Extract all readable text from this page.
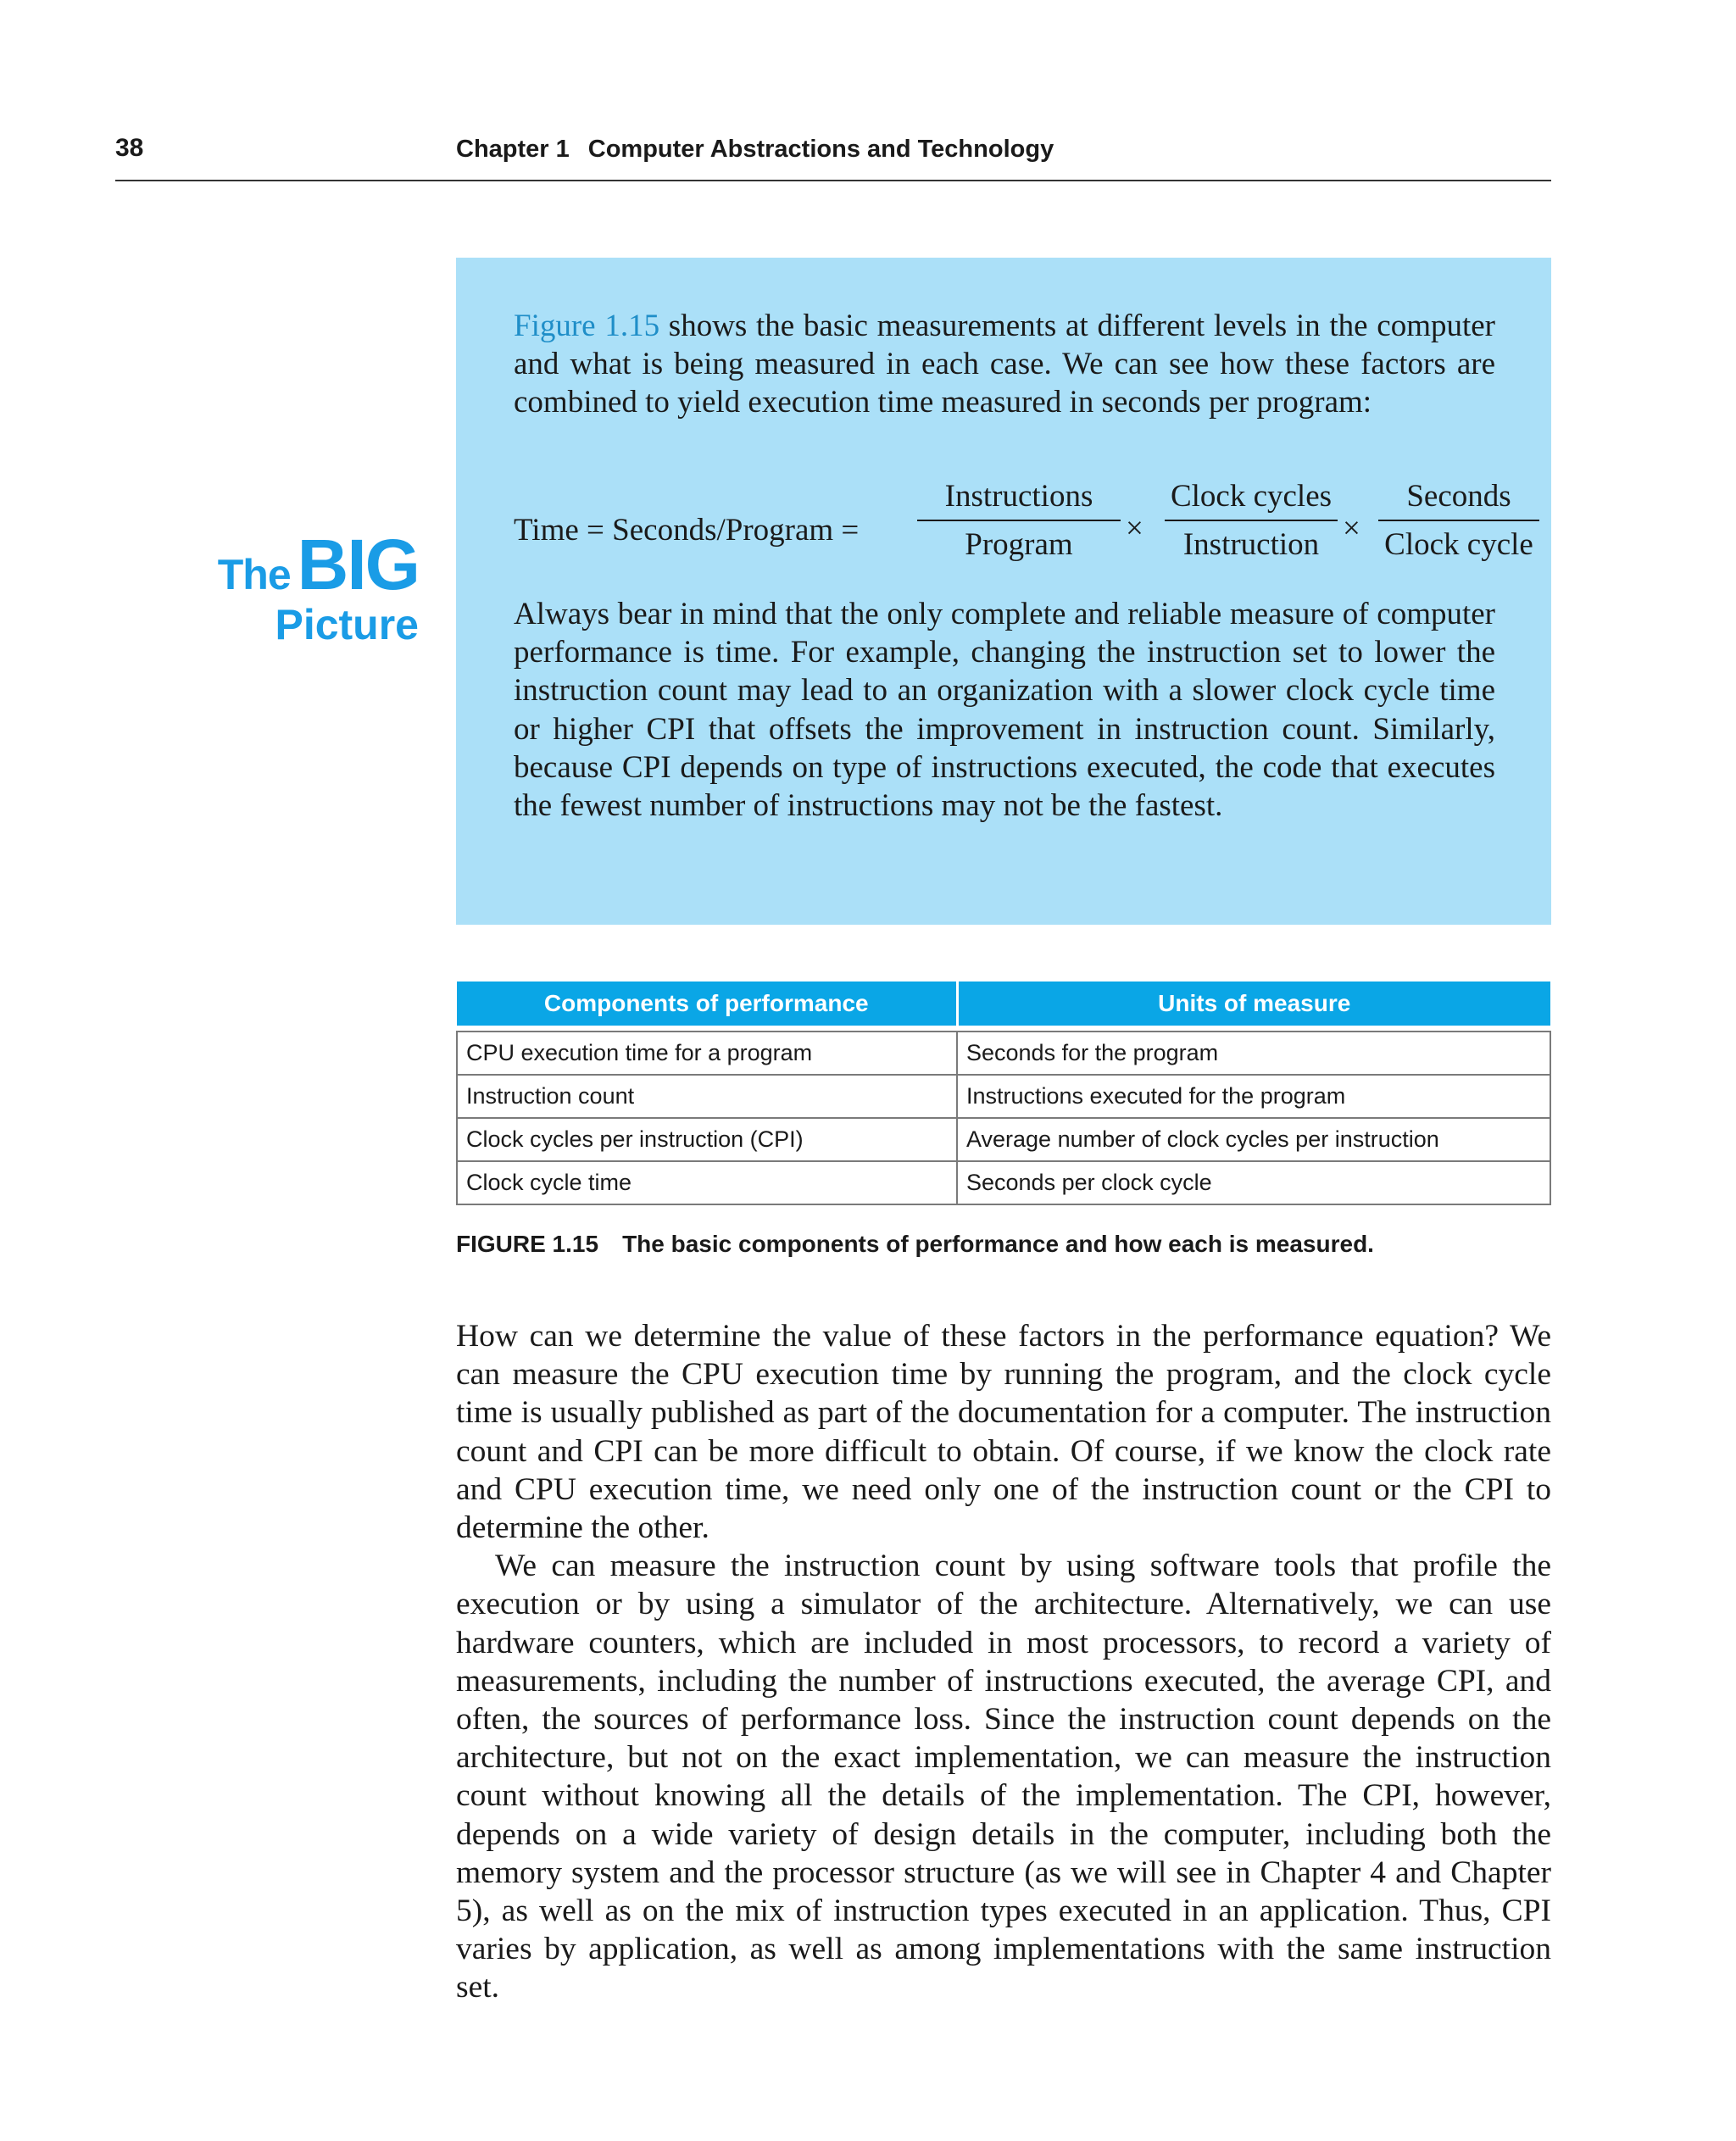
38	Chapter 1 Computer Abstractions and Technology
TheBIG
Picture
Figure 1.15 shows the basic measurements at different levels in the computer and what is being measured in each case. We can see how these factors are combined to yield execution time measured in seconds per program:
Time = Seconds/Program =
Instructions
Program	×
Clock cycles
Instruction ×
Seconds
Clock cycle
Always bear in mind that the only complete and reliable measure of computer performance is time. For example, changing the instruction set to lower the instruction count may lead to an organization with a slower clock cycle time or higher CPI that offsets the improvement in instruction count. Similarly, because CPI depends on type of instructions executed, the code that executes the fewest number of instructions may not be the fastest.
Components of performance	Units of measure

CPU execution time for a program	Seconds for the program
Instruction count	Instructions executed for the program
Clock cycles per instruction (CPI)	Average number of clock cycles per instruction
Clock cycle time	Seconds per clock cycle
FIGURE 1.15 The basic components of performance and how each is measured.

How can we determine the value of these factors in the performance equation? We can measure the CPU execution time by running the program, and the clock cycle time is usually published as part of the documentation for a computer. The instruction count and CPI can be more difficult to obtain. Of course, if we know the clock rate and CPU execution time, we need only one of the instruction count or the CPI to determine the other.

We can measure the instruction count by using software tools that profile the execution or by using a simulator of the architecture. Alternatively, we can use hardware counters, which are included in most processors, to record a variety of measurements, including the number of instructions executed, the average CPI, and often, the sources of performance loss. Since the instruction count depends on the architecture, but not on the exact implementation, we can measure the instruction count without knowing all the details of the implementation. The CPI, however, depends on a wide variety of design details in the computer, including both the memory system and the processor structure (as we will see in Chapter 4 and Chapter 5), as well as on the mix of instruction types executed in an application. Thus, CPI varies by application, as well as among implementations with the same instruction set.
